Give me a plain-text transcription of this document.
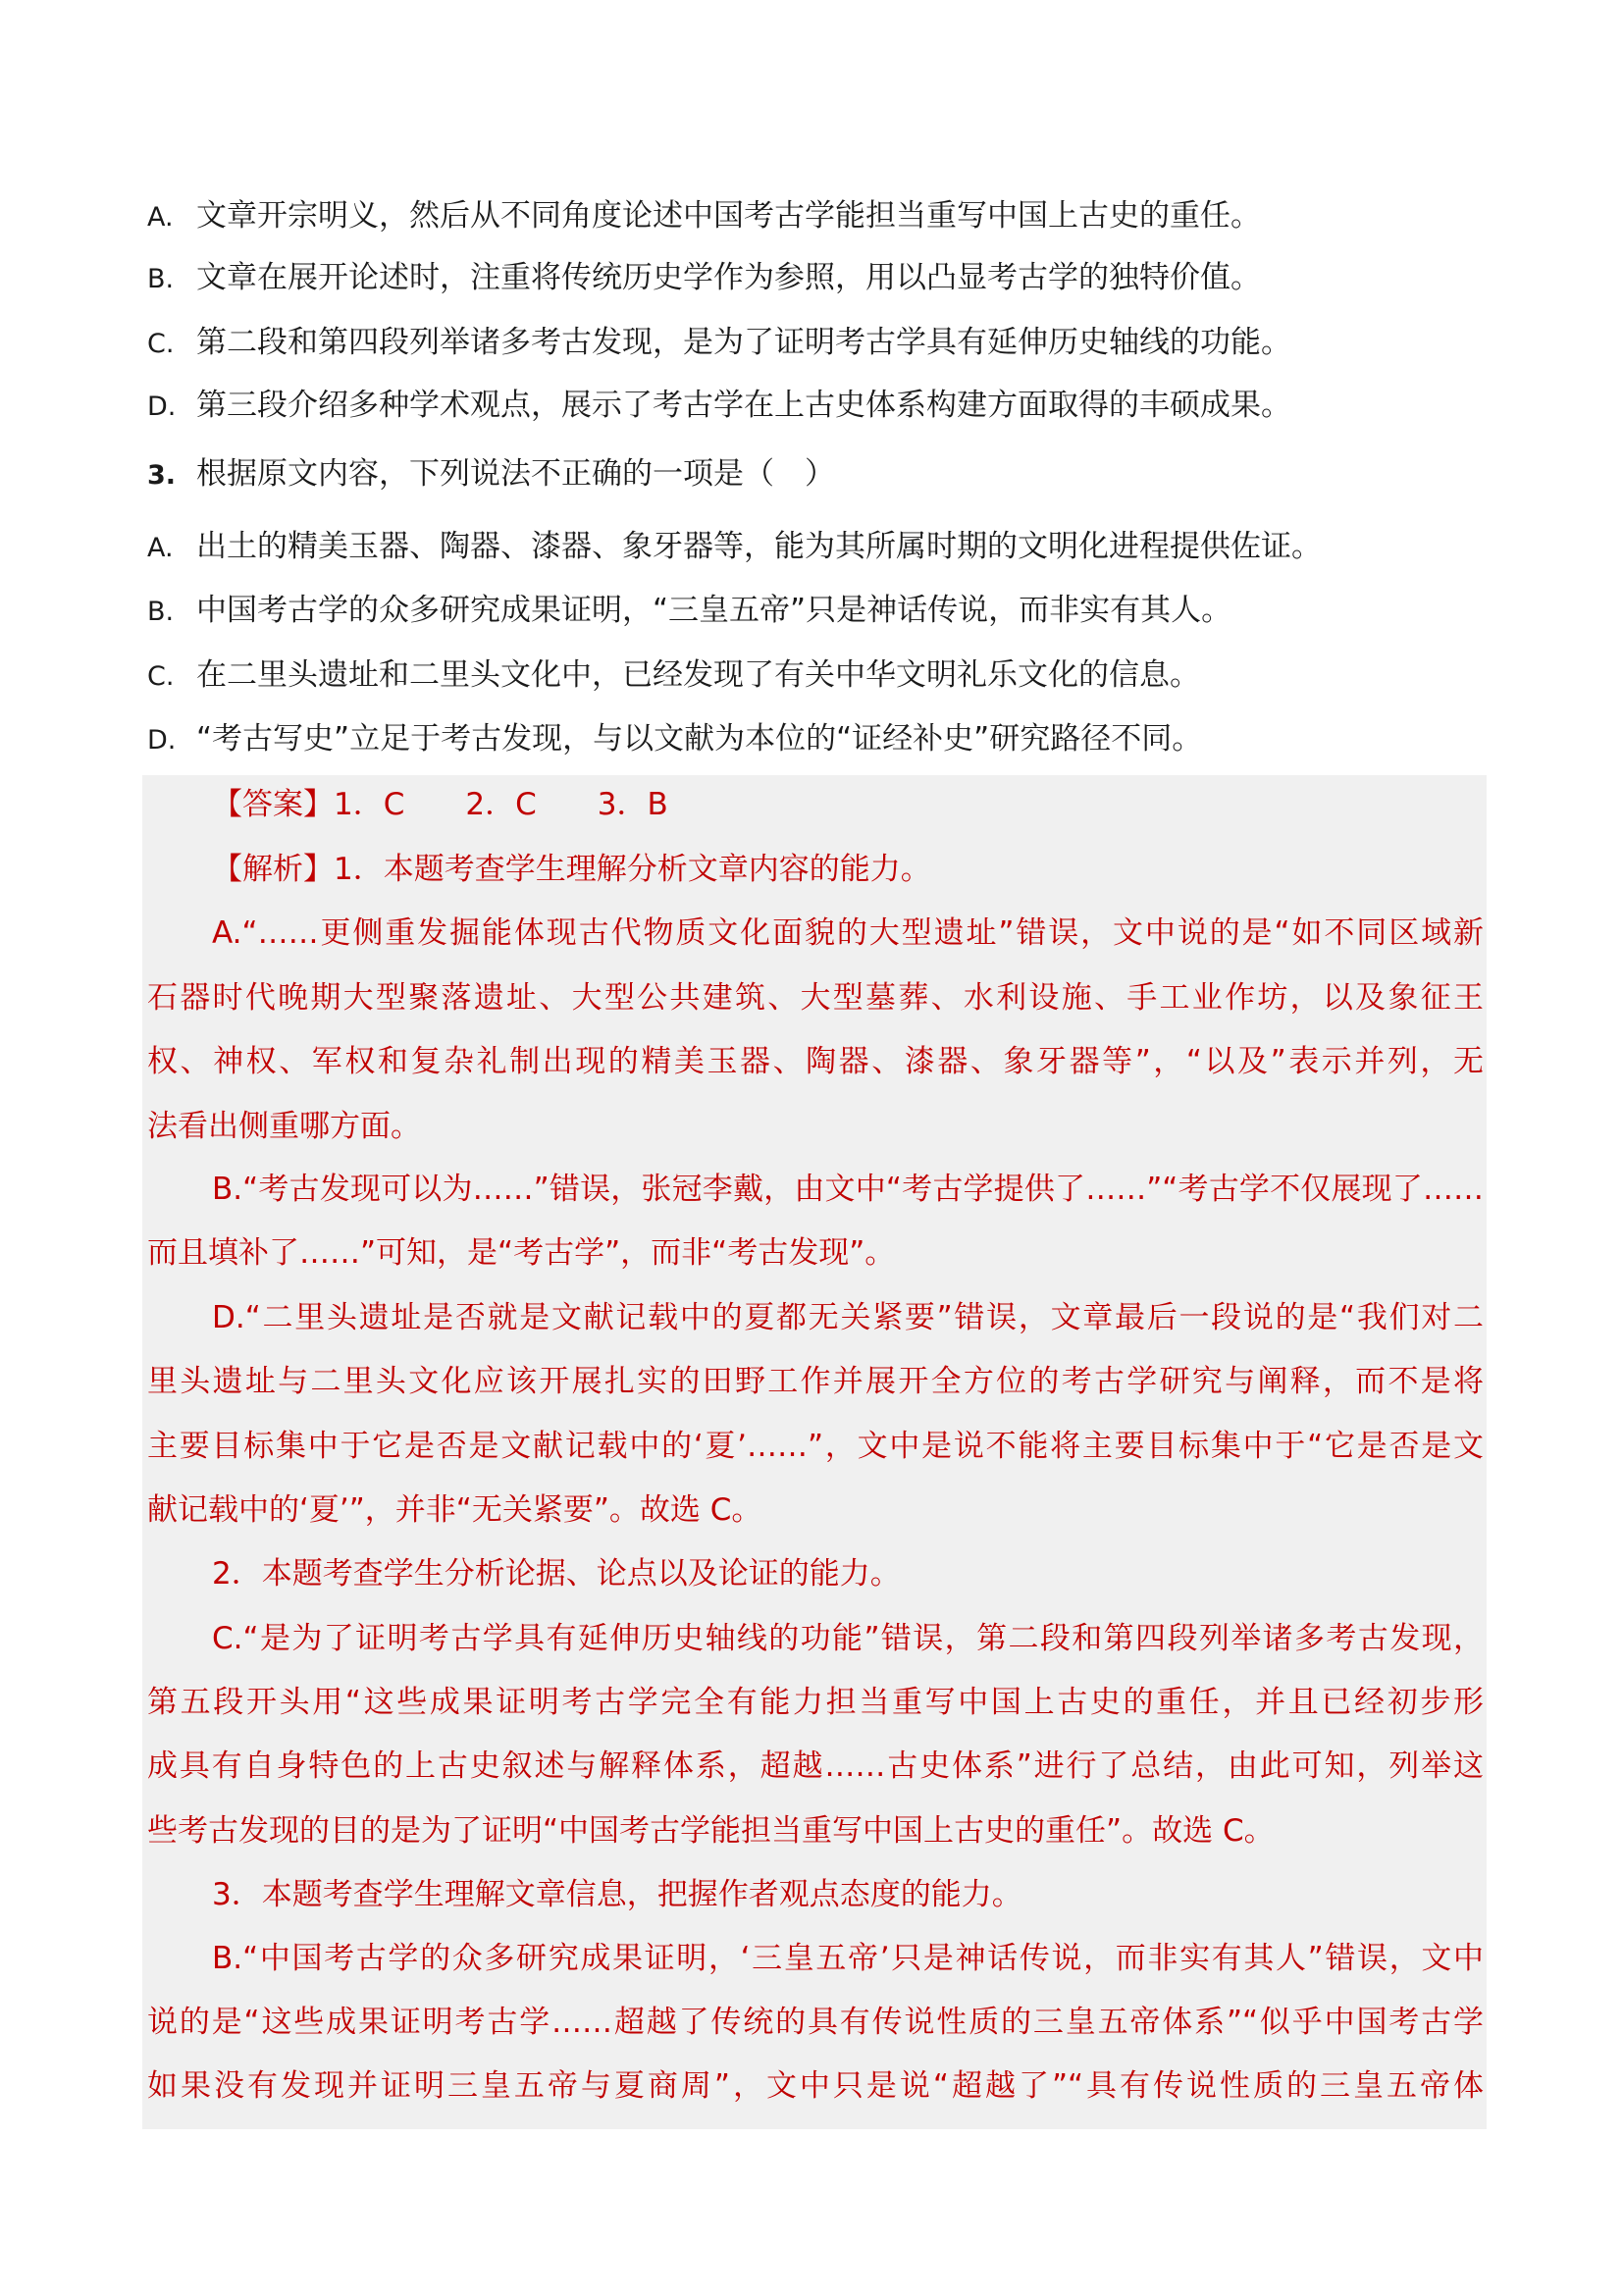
A. 文章开宗明义，然后从不同角度论述中国考古学能担当重写中国上古史的重任。
B. 文章在展开论述时，注重将传统历史学作为参照，用以凸显考古学的独特价值。
C. 第二段和第四段列举诸多考古发现，是为了证明考古学具有延伸历史轴线的功能。
D. 第三段介绍多种学术观点，展示了考古学在上古史体系构建方面取得的丰硕成果。
3. 根据原文内容，下列说法不正确的一项是（　）
A. 出土的精美玉器、陶器、漆器、象牙器等，能为其所属时期的文明化进程提供佐证。
B. 中国考古学的众多研究成果证明，“三皇五帝”只是神话传说，而非实有其人。
C. 在二里头遗址和二里头文化中，已经发现了有关中华文明礼乐文化的信息。
D. “考古写史”立足于考古发现，与以文献为本位的“证经补史”研究路径不同。
【答案】1．C　　2．C　　3．B
【解析】1．本题考查学生理解分析文章内容的能力。
A.“……更侧重发掘能体现古代物质文化面貌的大型遗址”错误，文中说的是“如不同区域新
石器时代晚期大型聚落遗址、大型公共建筑、大型墓葬、水利设施、手工业作坊，以及象征王
权、神权、军权和复杂礼制出现的精美玉器、陶器、漆器、象牙器等”，“以及”表示并列，无
法看出侧重哪方面。
B.“考古发现可以为……”错误，张冠李戴，由文中“考古学提供了……”“考古学不仅展现了……
而且填补了……”可知，是“考古学”，而非“考古发现”。
D.“二里头遗址是否就是文献记载中的夏都无关紧要”错误，文章最后一段说的是“我们对二
里头遗址与二里头文化应该开展扎实的田野工作并展开全方位的考古学研究与阐释，而不是将
主要目标集中于它是否是文献记载中的‘夏’……”，文中是说不能将主要目标集中于“它是否是文
献记载中的‘夏’”，并非“无关紧要”。故选 C。
2．本题考查学生分析论据、论点以及论证的能力。
C.“是为了证明考古学具有延伸历史轴线的功能”错误，第二段和第四段列举诸多考古发现，
第五段开头用“这些成果证明考古学完全有能力担当重写中国上古史的重任，并且已经初步形
成具有自身特色的上古史叙述与解释体系，超越……古史体系”进行了总结，由此可知，列举这
些考古发现的目的是为了证明“中国考古学能担当重写中国上古史的重任”。故选 C。
3．本题考查学生理解文章信息，把握作者观点态度的能力。
B.“中国考古学的众多研究成果证明，‘三皇五帝’只是神话传说，而非实有其人”错误，文中
说的是“这些成果证明考古学……超越了传统的具有传说性质的三皇五帝体系”“似乎中国考古学
如果没有发现并证明三皇五帝与夏商周”，文中只是说“超越了”“具有传说性质的三皇五帝体
